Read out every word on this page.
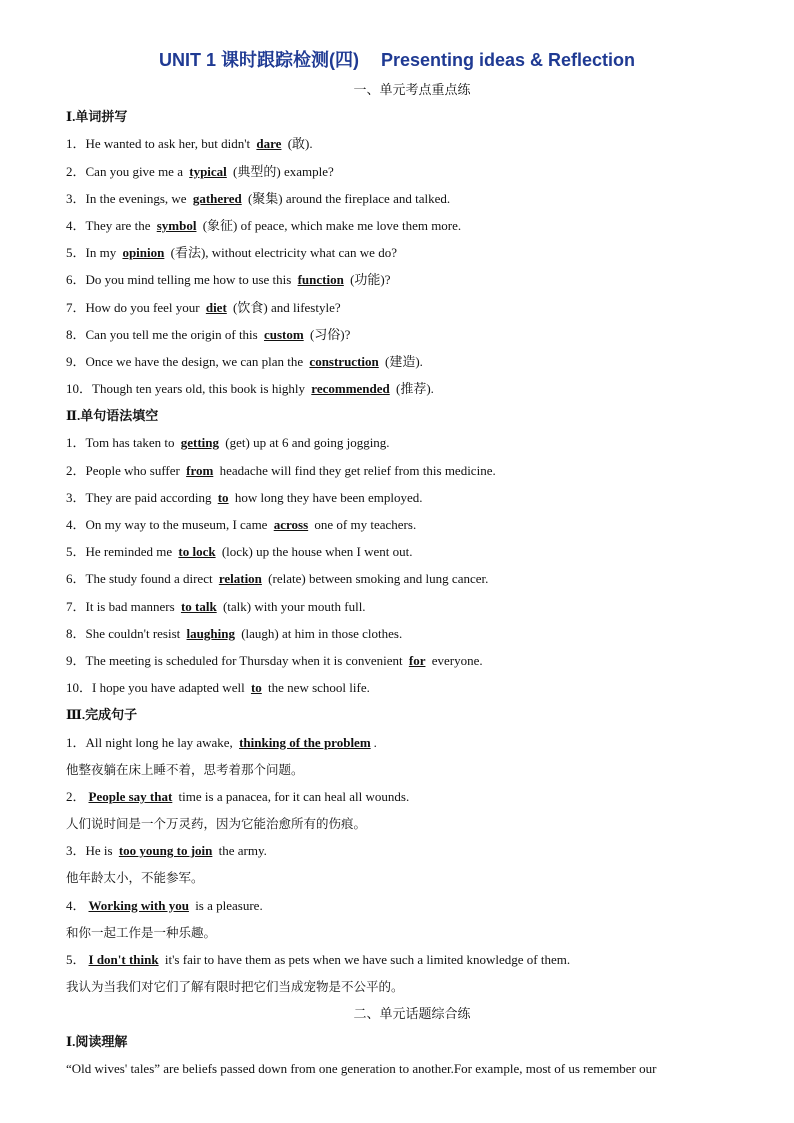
UNIT 1 课时跟踪检测(四) Presenting ideas & Reflection
一、单元考点重点练
Ⅰ.单词拼写
1．He wanted to ask her, but didn't dare (敢).
2．Can you give me a typical (典型的) example?
3．In the evenings, we gathered (聚集) around the fireplace and talked.
4．They are the symbol (象征) of peace, which make me love them more.
5．In my opinion (看法), without electricity what can we do?
6．Do you mind telling me how to use this function (功能)?
7．How do you feel your diet (饮食) and lifestyle?
8．Can you tell me the origin of this custom (习俗)?
9．Once we have the design, we can plan the construction (建造).
10．Though ten years old, this book is highly recommended (推荐).
Ⅱ.单句语法填空
1．Tom has taken to getting (get) up at 6 and going jogging.
2．People who suffer from headache will find they get relief from this medicine.
3．They are paid according to how long they have been employed.
4．On my way to the museum, I came across one of my teachers.
5．He reminded me to lock (lock) up the house when I went out.
6．The study found a direct relation (relate) between smoking and lung cancer.
7．It is bad manners to talk (talk) with your mouth full.
8．She couldn't resist laughing (laugh) at him in those clothes.
9．The meeting is scheduled for Thursday when it is convenient for everyone.
10．I hope you have adapted well to the new school life.
Ⅲ.完成句子
1．All night long he lay awake, thinking of the problem .
他整夜躺在床上睡不着，思考着那个问题。
2． People say that time is a panacea, for it can heal all wounds.
人们说时间是一个万灵药，因为它能治愈所有的伤痕。
3．He is too young to join the army.
他年龄太小，不能参军。
4． Working with you is a pleasure.
和你一起工作是一种乐趣。
5． I don't think it's fair to have them as pets when we have such a limited knowledge of them.
我认为当我们对它们了解有限时把它们当成宠物是不公平的。
二、单元话题综合练
Ⅰ.阅读理解
“Old wives' tales” are beliefs passed down from one generation to another.For example, most of us remember our
